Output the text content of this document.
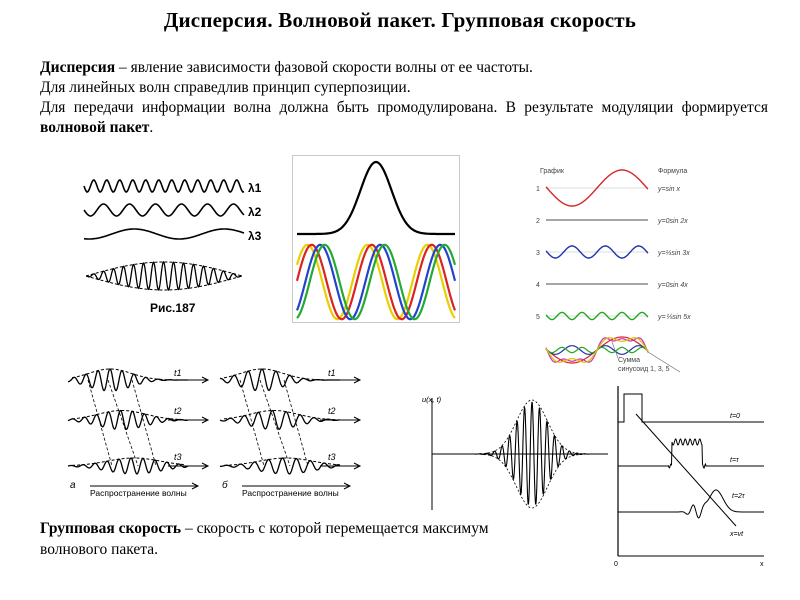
Дисперсия. Волновой пакет. Групповая скорость
Дисперсия – явление зависимости фазовой скорости волны от ее частоты.
Для линейных волн справедлив принцип суперпозиции.
Для передачи информации волна должна быть промодулирована. В результате модуляции формируется волновой пакет.
λ1
λ2
λ3
Рис.187
График	Формула
1	y=sin x
2	y=0sin 2x
3	y=⅓sin 3x
4	y=0sin 4x
5	y=⅕sin 5x
Сумма
синусоид 1, 3, 5
а	б
Распространение волны	Распространение волны
t1
t2
t3
t1
t2
t3
u(x, t)
t=0
t=τ
t=2τ
x=vt
0	x
Групповая скорость – скорость с которой перемещается максимум
волнового пакета.
